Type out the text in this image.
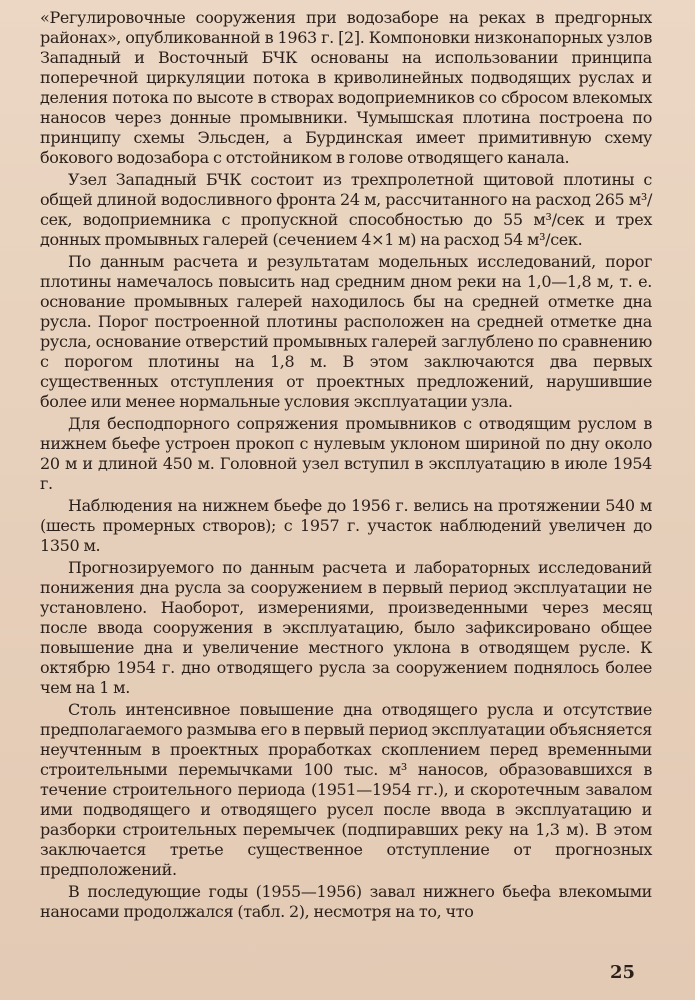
«Регулировочные сооружения при водозаборе на реках в предгорных районах», опубликованной в 1963 г. [2]. Компоновки низконапорных узлов Западный и Восточный БЧК основаны на использовании принципа поперечной циркуляции потока в криволинейных подводящих руслах и деления потока по высоте в створах водоприемников со сбросом влекомых наносов через донные промывники. Чумышская плотина построена по принципу схемы Эльсден, а Бурдинская имеет примитивную схему бокового водозабора с отстойником в голове отводящего канала.

Узел Западный БЧК состоит из трехпролетной щитовой плотины с общей длиной водосливного фронта 24 м, рассчитанного на расход 265 м³/сек, водоприемника с пропускной способностью до 55 м³/сек и трех донных промывных галерей (сечением 4×1 м) на расход 54 м³/сек.

По данным расчета и результатам модельных исследований, порог плотины намечалось повысить над средним дном реки на 1,0—1,8 м, т. е. основание промывных галерей находилось бы на средней отметке дна русла. Порог построенной плотины расположен на средней отметке дна русла, основание отверстий промывных галерей заглублено по сравнению с порогом плотины на 1,8 м. В этом заключаются два первых существенных отступления от проектных предложений, нарушившие более или менее нормальные условия эксплуатации узла.

Для бесподпорного сопряжения промывников с отводящим руслом в нижнем бьефе устроен прокоп с нулевым уклоном шириной по дну около 20 м и длиной 450 м. Головной узел вступил в эксплуатацию в июле 1954 г.

Наблюдения на нижнем бьефе до 1956 г. велись на протяжении 540 м (шесть промерных створов); с 1957 г. участок наблюдений увеличен до 1350 м.

Прогнозируемого по данным расчета и лабораторных исследований понижения дна русла за сооружением в первый период эксплуатации не установлено. Наоборот, измерениями, произведенными через месяц после ввода сооружения в эксплуатацию, было зафиксировано общее повышение дна и увеличение местного уклона в отводящем русле. К октябрю 1954 г. дно отводящего русла за сооружением поднялось более чем на 1 м.

Столь интенсивное повышение дна отводящего русла и отсутствие предполагаемого размыва его в первый период эксплуатации объясняется неучтенным в проектных проработках скоплением перед временными строительными перемычками 100 тыс. м³ наносов, образовавшихся в течение строительного периода (1951—1954 гг.), и скоротечным завалом ими подводящего и отводящего русел после ввода в эксплуатацию и разборки строительных перемычек (подпиравших реку на 1,3 м). В этом заключается третье существенное отступление от прогнозных предположений.

В последующие годы (1955—1956) завал нижнего бьефа влекомыми наносами продолжался (табл. 2), несмотря на то, что

25
